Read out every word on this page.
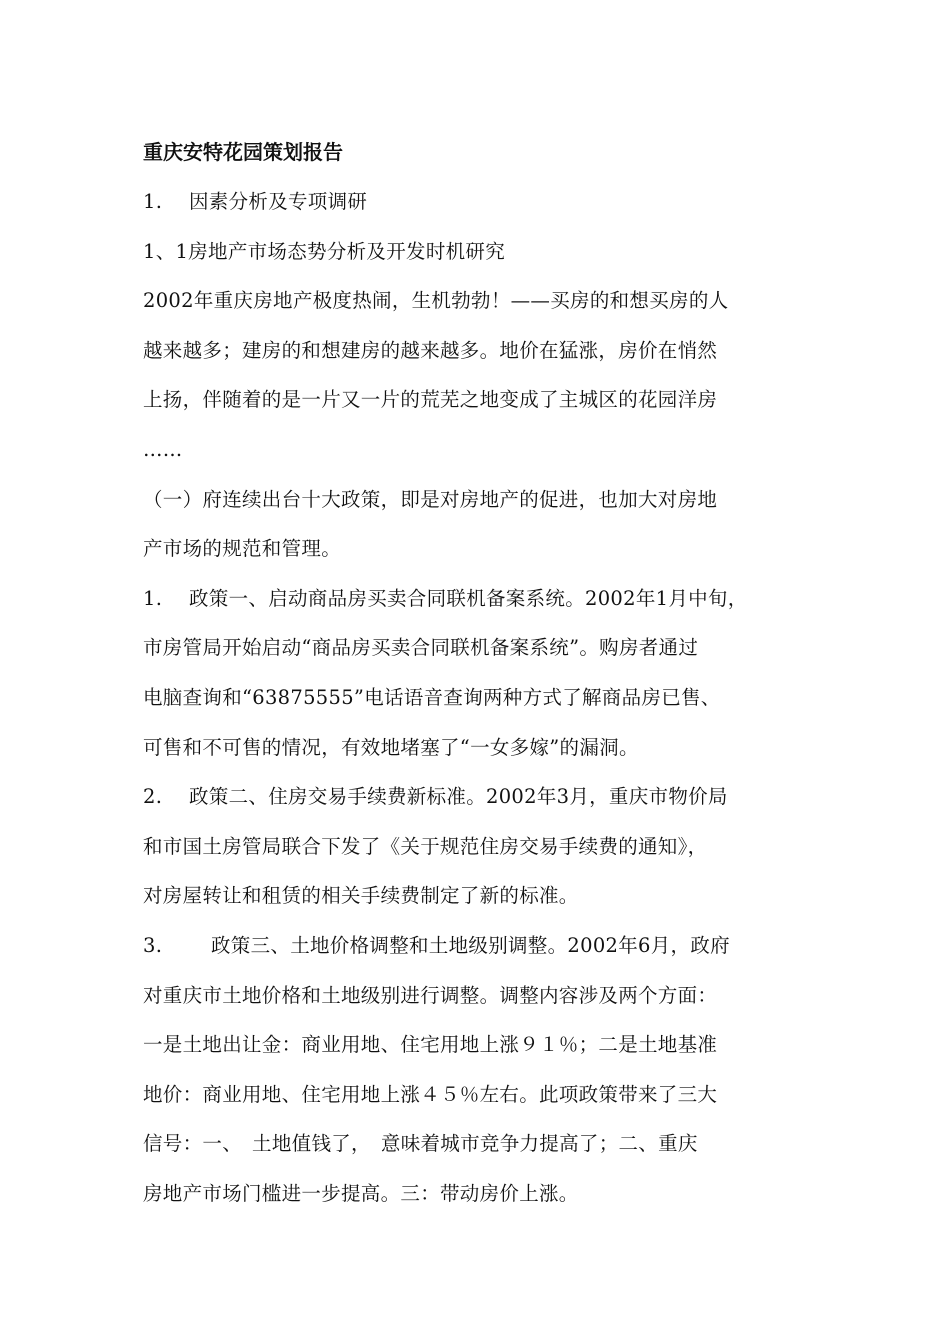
重庆安特花园策划报告
1. 因素分析及专项调研
1、1房地产市场态势分析及开发时机研究
2002年重庆房地产极度热闹，生机勃勃！——买房的和想买房的人
越来越多；建房的和想建房的越来越多。地价在猛涨，房价在悄然
上扬，伴随着的是一片又一片的荒芜之地变成了主城区的花园洋房
……
（一）府连续出台十大政策，即是对房地产的促进，也加大对房地
产市场的规范和管理。
1. 政策一、启动商品房买卖合同联机备案系统。2002年1月中旬，
市房管局开始启动“商品房买卖合同联机备案系统”。购房者通过
电脑查询和“63875555”电话语音查询两种方式了解商品房已售、
可售和不可售的情况，有效地堵塞了“一女多嫁”的漏洞。
2. 政策二、住房交易手续费新标准。2002年3月，重庆市物价局
和市国土房管局联合下发了《关于规范住房交易手续费的通知》，
对房屋转让和租赁的相关手续费制定了新的标准。
3.	政策三、土地价格调整和土地级别调整。2002年6月，政府
对重庆市土地价格和土地级别进行调整。调整内容涉及两个方面：
一是土地出让金：商业用地、住宅用地上涨９１％；二是土地基准
地价：商业用地、住宅用地上涨４５％左右。此项政策带来了三大
信号：一、　土地值钱了，　意味着城市竞争力提高了；二、重庆
房地产市场门槛进一步提高。三：带动房价上涨。
